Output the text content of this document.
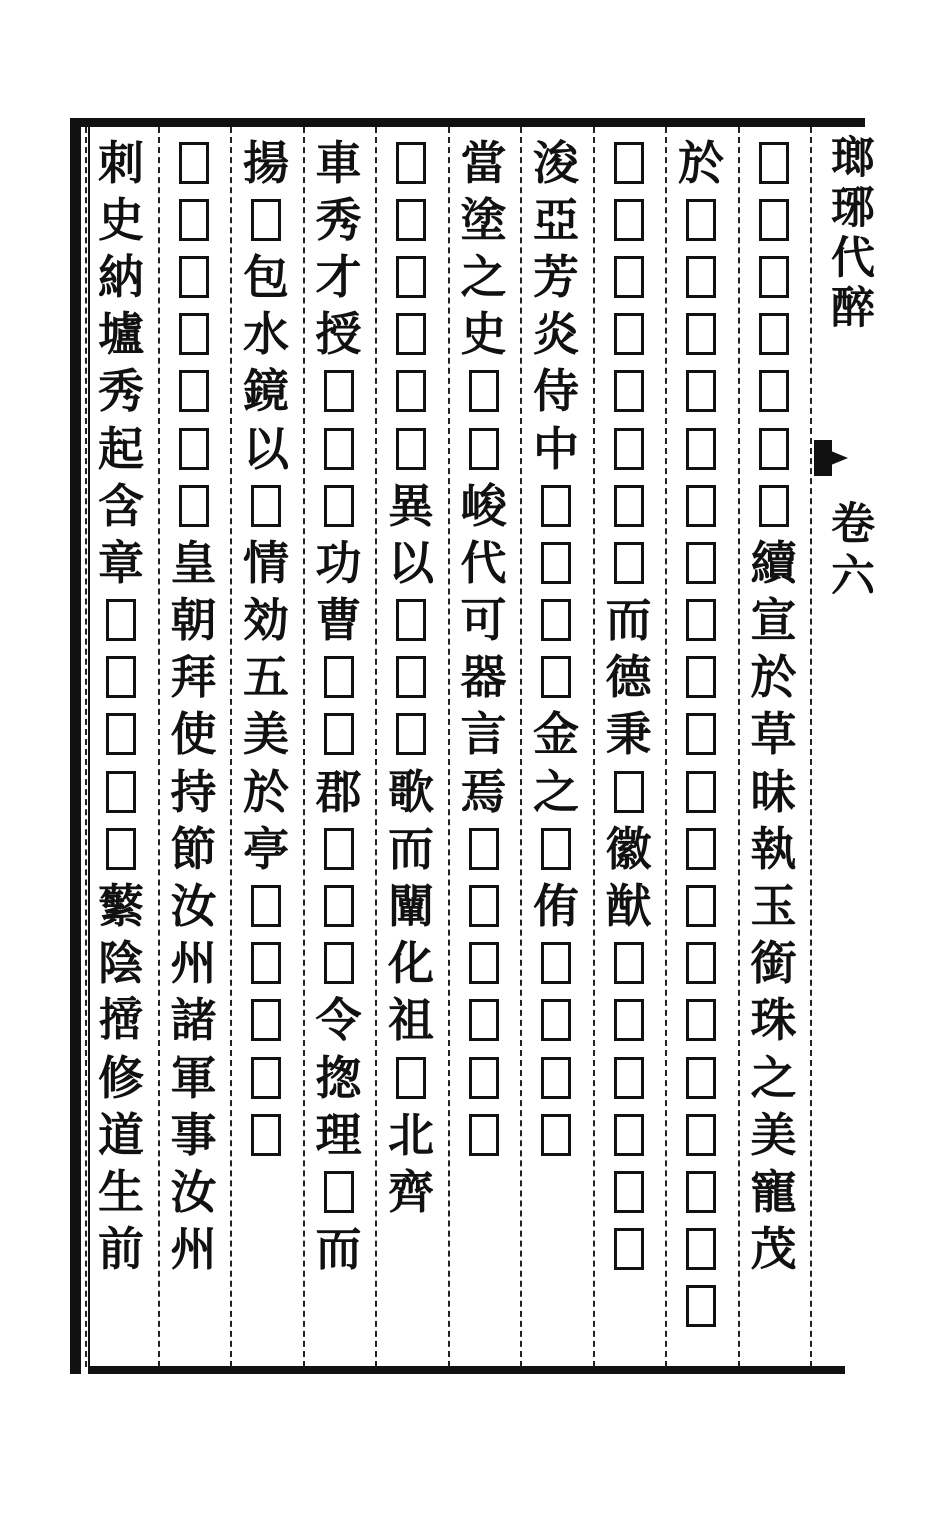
續
宣
於
草
昧
執
玉
銜
珠
之
美
寵
茂
於
而
德
秉
徽
猷
浚
亞
芳
炎
侍
中
金
之
侑
當
塗
之
史
峻
代
可
器
言
焉
異
以
歌
而
闡
化
祖
北
齊
車
秀
才
授
功
曹
郡
令
揔
理
而
揚
包
水
鏡
以
情
効
五
美
於
亭
皇
朝
拜
使
持
節
汝
州
諸
軍
事
汝
州
刺
史
納
壚
秀
起
含
章
蘩
陰
𢴨
修
道
生
前
瑯琊代醉
卷六
